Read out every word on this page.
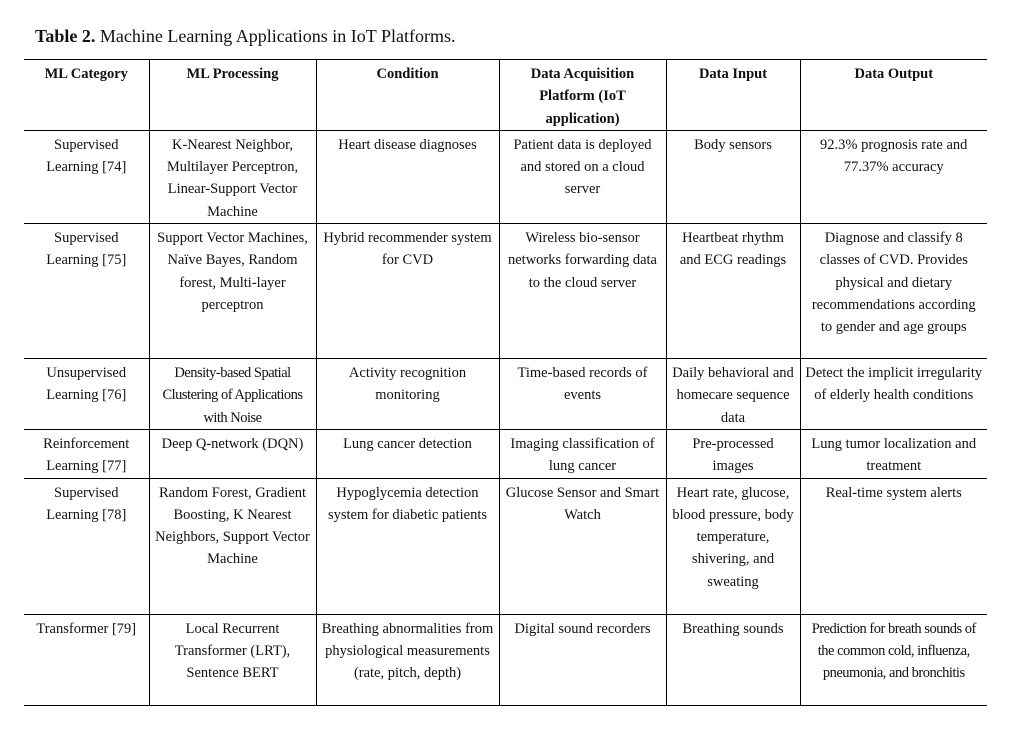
Table 2. Machine Learning Applications in IoT Platforms.
ML Category	ML Processing	Condition	Data Acquisition Platform (IoT application)	Data Input	Data Output
Supervised Learning [74]	K-Nearest Neighbor, Multilayer Perceptron, Linear-Support Vector Machine	Heart disease diagnoses	Patient data is deployed and stored on a cloud server	Body sensors	92.3% prognosis rate and 77.37% accuracy
Supervised Learning [75]	Support Vector Machines, Naïve Bayes, Random forest, Multi-layer perceptron	Hybrid recommender system for CVD	Wireless bio-sensor networks forwarding data to the cloud server	Heartbeat rhythm and ECG readings	Diagnose and classify 8 classes of CVD. Provides physical and dietary recommendations according to gender and age groups
Unsupervised Learning [76]	Density-based Spatial Clustering of Applications with Noise	Activity recognition monitoring	Time-based records of events	Daily behavioral and homecare sequence data	Detect the implicit irregularity of elderly health conditions
Reinforcement Learning [77]	Deep Q-network (DQN)	Lung cancer detection	Imaging classification of lung cancer	Pre-processed images	Lung tumor localization and treatment
Supervised Learning [78]	Random Forest, Gradient Boosting, K Nearest Neighbors, Support Vector Machine	Hypoglycemia detection system for diabetic patients	Glucose Sensor and Smart Watch	Heart rate, glucose, blood pressure, body temperature, shivering, and sweating	Real-time system alerts
Transformer [79]	Local Recurrent Transformer (LRT), Sentence BERT	Breathing abnormalities from physiological measurements (rate, pitch, depth)	Digital sound recorders	Breathing sounds	Prediction for breath sounds of the common cold, influenza, pneumonia, and bronchitis
